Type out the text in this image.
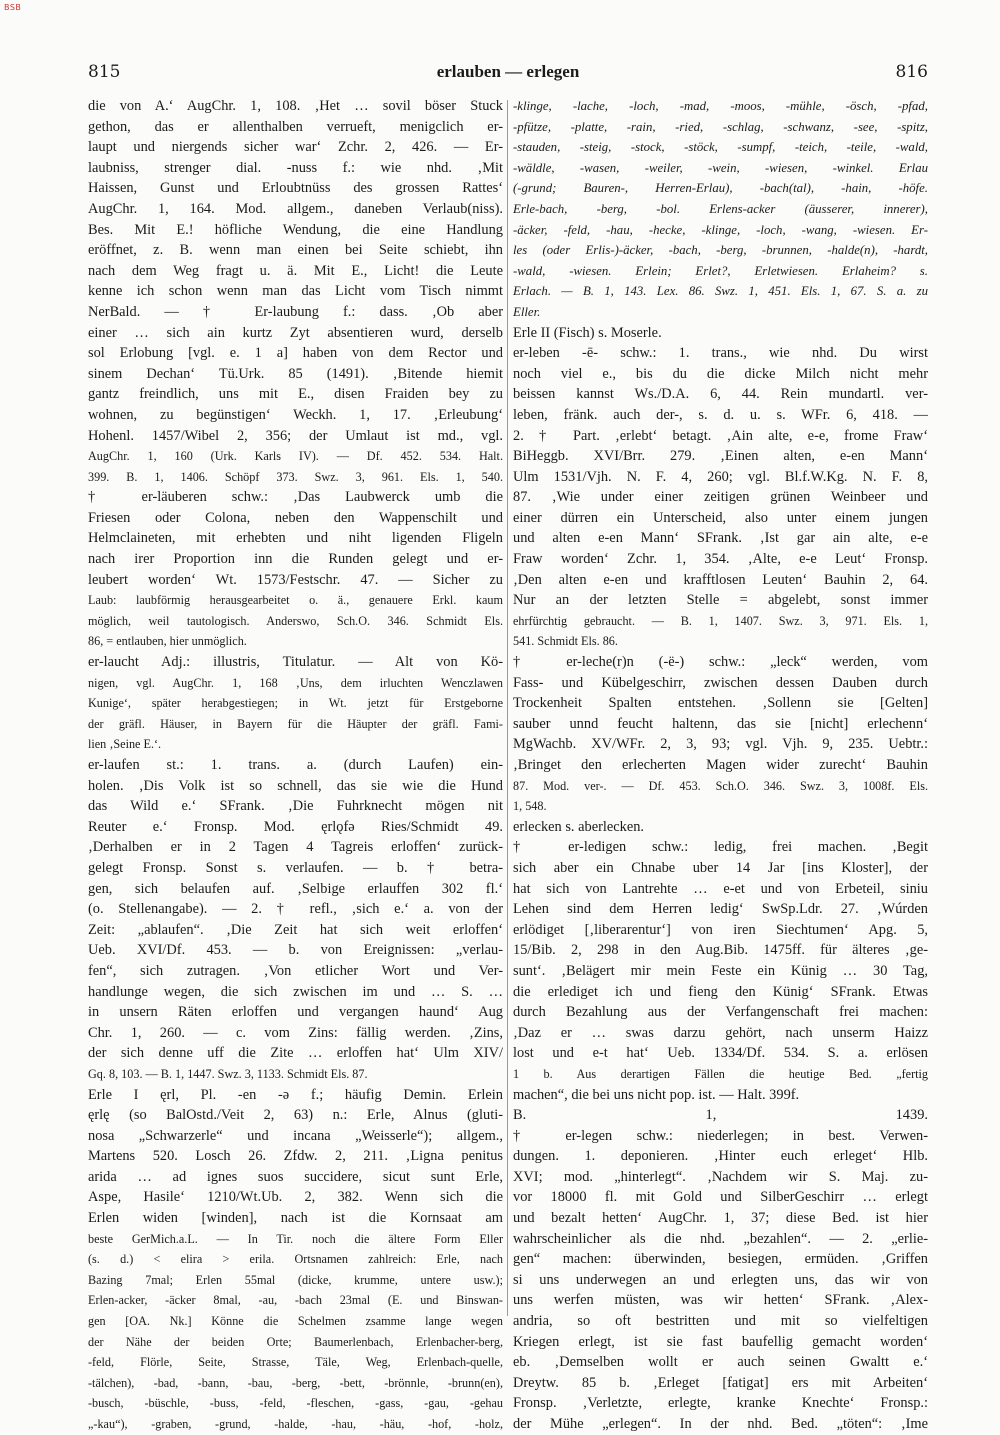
BSB
815	erlauben — erlegen	816
die von A.‘ AugChr. 1, 108. ‚Het … sovil böser Stuck
gethon, das er allenthalben verrueft, menigclich er-
laupt und niergends sicher war‘ Zchr. 2, 426. — Er-
laubniss, strenger dial. -nuss f.: wie nhd. ‚Mit
Haissen, Gunst und Erloubtnüss des grossen Rattes‘
AugChr. 1, 164. Mod. allgem., daneben Verlaub(niss).
Bes. Mit E.! höfliche Wendung, die eine Handlung
eröffnet, z. B. wenn man einen bei Seite schiebt, ihn
nach dem Weg fragt u. ä. Mit E., Licht! die Leute
kenne ich schon wenn man das Licht vom Tisch nimmt
NerBald. — † Er-laubung f.: dass. ‚Ob aber
einer … sich ain kurtz Zyt absentieren wurd, derselb
sol Erlobung [vgl. e. 1 a] haben von dem Rector und
sinem Dechan‘ Tü.Urk. 85 (1491). ‚Bitende hiemit
gantz freindlich, uns mit E., disen Fraiden bey zu
wohnen, zu begünstigen‘ Weckh. 1, 17. ‚Erleubung‘
Hohenl. 1457/Wibel 2, 356; der Umlaut ist md., vgl.
AugChr. 1, 160 (Urk. Karls IV). — Df. 452. 534. Halt.
399. B. 1, 1406. Schöpf 373. Swz. 3, 961. Els. 1, 540.
† er-läuberen schw.: ‚Das Laubwerck umb die
Friesen oder Colona, neben den Wappenschilt und
Helmclaineten, mit erhebten und niht ligenden Fligeln
nach irer Proportion inn die Runden gelegt und er-
leubert worden‘ Wt. 1573/Festschr. 47. — Sicher zu
Laub: laubförmig herausgearbeitet o. ä., genauere Erkl. kaum
möglich, weil tautologisch. Anderswo, Sch.O. 346. Schmidt Els.
86, = entlauben, hier unmöglich.
er-laucht Adj.: illustris, Titulatur. — Alt von Kö-
nigen, vgl. AugChr. 1, 168 ‚Uns, dem irluchten Wenczlawen
Kunige‘, später herabgestiegen; in Wt. jetzt für Erstgeborne
der gräfl. Häuser, in Bayern für die Häupter der gräfl. Fami-
lien ‚Seine E.‘.
er-laufen st.: 1. trans. a. (durch Laufen) ein-
holen. ‚Dis Volk ist so schnell, das sie wie die Hund
das Wild e.‘ SFrank. ‚Die Fuhrknecht mögen nit
Reuter e.‘ Fronsp. Mod. ęrlǫfə Ries/Schmidt 49.
‚Derhalben er in 2 Tagen 4 Tagreis erloffen‘ zurück-
gelegt Fronsp. Sonst s. verlaufen. — b. † betra-
gen, sich belaufen auf. ‚Selbige erlauffen 302 fl.‘
(o. Stellenangabe). — 2. † refl., ‚sich e.‘ a. von der
Zeit: „ablaufen“. ‚Die Zeit hat sich weit erloffen‘
Ueb. XVI/Df. 453. — b. von Ereignissen: „verlau-
fen“, sich zutragen. ‚Von etlicher Wort und Ver-
handlunge wegen, die sich zwischen im und … S. …
in unsern Räten erloffen und vergangen haund‘ Aug
Chr. 1, 260. — c. vom Zins: fällig werden. ‚Zins,
der sich denne uff die Zite … erloffen hat‘ Ulm XIV/
Gq. 8, 103. — B. 1, 1447. Swz. 3, 1133. Schmidt Els. 87.
Erle I ęrl, Pl. -en -ə f.; häufig Demin. Erlein
ęrlę (so BalOstd./Veit 2, 63) n.: Erle, Alnus (gluti-
nosa „Schwarzerle“ und incana „Weisserle“); allgem.,
Martens 520. Losch 26. Zfdw. 2, 211. ‚Ligna penitus
arida … ad ignes suos succidere, sicut sunt Erle,
Aspe, Hasile‘ 1210/Wt.Ub. 2, 382. Wenn sich die
Erlen widen [winden], nach ist die Kornsaat am
beste GerMich.a.L. — In Tir. noch die ältere Form Eller
(s. d.) < elira > erila. Ortsnamen zahlreich: Erle, nach
Bazing 7mal; Erlen 55mal (dicke, krumme, untere usw.);
Erlen-acker, -äcker 8mal, -au, -bach 23mal (E. und Binswan-
gen [OA. Nk.] Könne die Schelmen zsamme lange wegen
der Nähe der beiden Orte; Baumerlenbach, Erlenbacher-berg,
-feld, Flörle, Seite, Strasse, Täle, Weg, Erlenbach-quelle,
-tälchen), -bad, -bann, -bau, -berg, -bett, -brönnle, -brunn(en),
-busch, -büschle, -buss, -feld, -fleschen, -gass, -gau, -gehau
„-kau“), -graben, -grund, -halde, -hau, -häu, -hof, -holz,
-klinge, -lache, -loch, -mad, -moos, -mühle, -ösch, -pfad,
-pfütze, -platte, -rain, -ried, -schlag, -schwanz, -see, -spitz,
-stauden, -steig, -stock, -stöck, -sumpf, -teich, -teile, -wald,
-wäldle, -wasen, -weiler, -wein, -wiesen, -winkel. Erlau
(-grund; Bauren-, Herren-Erlau), -bach(tal), -hain, -höfe.
Erle-bach, -berg, -bol. Erlens-acker (äusserer, innerer),
-äcker, -feld, -hau, -hecke, -klinge, -loch, -wang, -wiesen. Er-
les (oder Erlis-)-äcker, -bach, -berg, -brunnen, -halde(n), -hardt,
-wald, -wiesen. Erlein; Erlet?, Erletwiesen. Erlaheim? s.
Erlach. — B. 1, 143. Lex. 86. Swz. 1, 451. Els. 1, 67. S. a. zu
Eller.
Erle II (Fisch) s. Moserle.
er-leben -ē- schw.: 1. trans., wie nhd. Du wirst
noch viel e., bis du die dicke Milch nicht mehr
beissen kannst Ws./D.A. 6, 44. Rein mundartl. ver-
leben, fränk. auch der-, s. d. u. s. WFr. 6, 418. —
2. † Part. ‚erlebt‘ betagt. ‚Ain alte, e-e, frome Fraw‘
BiHeggb. XVI/Brr. 279. ‚Einen alten, e-en Mann‘
Ulm 1531/Vjh. N. F. 4, 260; vgl. Bl.f.W.Kg. N. F. 8,
87. ‚Wie under einer zeitigen grünen Weinbeer und
einer dürren ein Unterscheid, also unter einem jungen
und alten e-en Mann‘ SFrank. ‚Ist gar ain alte, e-e
Fraw worden‘ Zchr. 1, 354. ‚Alte, e-e Leut‘ Fronsp.
‚Den alten e-en und krafftlosen Leuten‘ Bauhin 2, 64.
Nur an der letzten Stelle = abgelebt, sonst immer
ehrfürchtig gebraucht. — B. 1, 1407. Swz. 3, 971. Els. 1,
541. Schmidt Els. 86.
† er-leche(r)n (-ë-) schw.: „leck“ werden, vom
Fass- und Kübelgeschirr, zwischen dessen Dauben durch
Trockenheit Spalten entstehen. ‚Sollenn sie [Gelten]
sauber unnd feucht haltenn, das sie [nicht] erlechenn‘
MgWachb. XV/WFr. 2, 3, 93; vgl. Vjh. 9, 235. Uebtr.:
‚Bringet den erlecherten Magen wider zurecht‘ Bauhin
87. Mod. ver-. — Df. 453. Sch.O. 346. Swz. 3, 1008f. Els.
1, 548.
erlecken s. aberlecken.
† er-ledigen schw.: ledig, frei machen. ‚Begit
sich aber ein Chnabe uber 14 Jar [ins Kloster], der
hat sich von Lantrehte … e-et und von Erbeteil, siniu
Lehen sind dem Herren ledig‘ SwSp.Ldr. 27. ‚Wúrden
erlödiget [‚liberarentur‘] von iren Siechtumen‘ Apg. 5,
15/Bib. 2, 298 in den Aug.Bib. 1475ff. für älteres ‚ge-
sunt‘. ‚Belägert mir mein Feste ein Künig … 30 Tag,
die erlediget ich und fieng den Künig‘ SFrank. Etwas
durch Bezahlung aus der Verfangenschaft frei machen:
‚Daz er … swas darzu gehört, nach unserm Haizz
lost und e-t hat‘ Ueb. 1334/Df. 534. S. a. erlösen
1 b. Aus derartigen Fällen die heutige Bed. „fertig
machen“, die bei uns nicht pop. ist. — Halt. 399f.
B. 1, 1439.
† er-legen schw.: niederlegen; in best. Verwen-
dungen. 1. deponieren. ‚Hinter euch erleget‘ Hlb.
XVI; mod. „hinterlegt“. ‚Nachdem wir S. Maj. zu-
vor 18000 fl. mit Gold und SilberGeschirr … erlegt
und bezalt hetten‘ AugChr. 1, 37; diese Bed. ist hier
wahrscheinlicher als die nhd. „bezahlen“. — 2. „erlie-
gen“ machen: überwinden, besiegen, ermüden. ‚Griffen
si uns underwegen an und erlegten uns, das wir von
uns werfen müsten, was wir hetten‘ SFrank. ‚Alex-
andria, so oft bestritten und mit so vielfeltigen
Kriegen erlegt, ist sie fast baufellig gemacht worden‘
eb. ‚Demselben wollt er auch seinen Gwaltt e.‘
Dreytw. 85 b. ‚Erleget [fatigat] ers mit Arbeiten‘
Fronsp. ‚Verletzte, erlegte, kranke Knechte‘ Fronsp.:
der Mühe „erlegen“. In der nhd. Bed. „töten“: ‚Ime
